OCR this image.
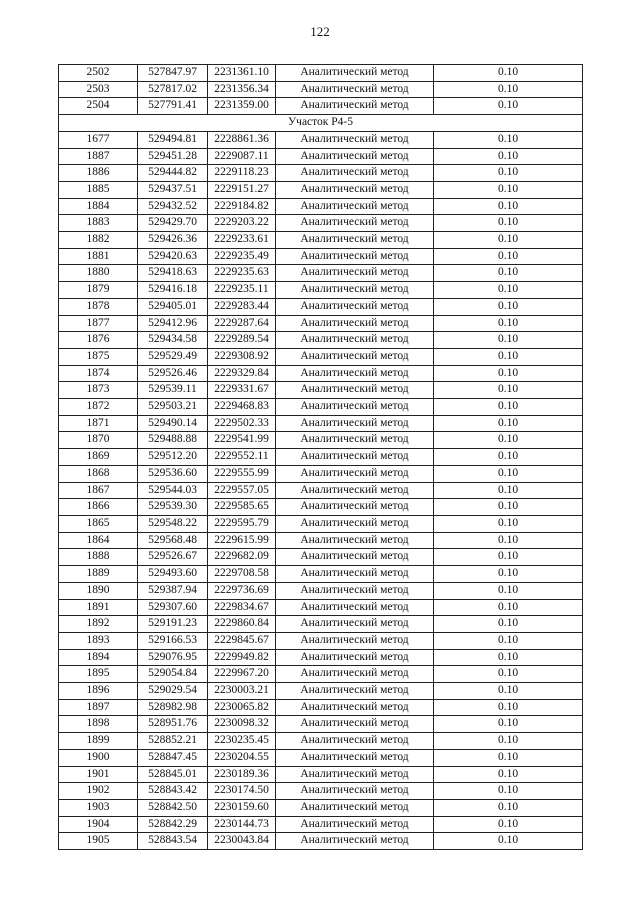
122
2502	527847.97	2231361.10	Аналитический метод	0.10
2503	527817.02	2231356.34	Аналитический метод	0.10
2504	527791.41	2231359.00	Аналитический метод	0.10
Участок Р4-5				
1677	529494.81	2228861.36	Аналитический метод	0.10
1887	529451.28	2229087.11	Аналитический метод	0.10
1886	529444.82	2229118.23	Аналитический метод	0.10
1885	529437.51	2229151.27	Аналитический метод	0.10
1884	529432.52	2229184.82	Аналитический метод	0.10
1883	529429.70	2229203.22	Аналитический метод	0.10
1882	529426.36	2229233.61	Аналитический метод	0.10
1881	529420.63	2229235.49	Аналитический метод	0.10
1880	529418.63	2229235.63	Аналитический метод	0.10
1879	529416.18	2229235.11	Аналитический метод	0.10
1878	529405.01	2229283.44	Аналитический метод	0.10
1877	529412.96	2229287.64	Аналитический метод	0.10
1876	529434.58	2229289.54	Аналитический метод	0.10
1875	529529.49	2229308.92	Аналитический метод	0.10
1874	529526.46	2229329.84	Аналитический метод	0.10
1873	529539.11	2229331.67	Аналитический метод	0.10
1872	529503.21	2229468.83	Аналитический метод	0.10
1871	529490.14	2229502.33	Аналитический метод	0.10
1870	529488.88	2229541.99	Аналитический метод	0.10
1869	529512.20	2229552.11	Аналитический метод	0.10
1868	529536.60	2229555.99	Аналитический метод	0.10
1867	529544.03	2229557.05	Аналитический метод	0.10
1866	529539.30	2229585.65	Аналитический метод	0.10
1865	529548.22	2229595.79	Аналитический метод	0.10
1864	529568.48	2229615.99	Аналитический метод	0.10
1888	529526.67	2229682.09	Аналитический метод	0.10
1889	529493.60	2229708.58	Аналитический метод	0.10
1890	529387.94	2229736.69	Аналитический метод	0.10
1891	529307.60	2229834.67	Аналитический метод	0.10
1892	529191.23	2229860.84	Аналитический метод	0.10
1893	529166.53	2229845.67	Аналитический метод	0.10
1894	529076.95	2229949.82	Аналитический метод	0.10
1895	529054.84	2229967.20	Аналитический метод	0.10
1896	529029.54	2230003.21	Аналитический метод	0.10
1897	528982.98	2230065.82	Аналитический метод	0.10
1898	528951.76	2230098.32	Аналитический метод	0.10
1899	528852.21	2230235.45	Аналитический метод	0.10
1900	528847.45	2230204.55	Аналитический метод	0.10
1901	528845.01	2230189.36	Аналитический метод	0.10
1902	528843.42	2230174.50	Аналитический метод	0.10
1903	528842.50	2230159.60	Аналитический метод	0.10
1904	528842.29	2230144.73	Аналитический метод	0.10
1905	528843.54	2230043.84	Аналитический метод	0.10
